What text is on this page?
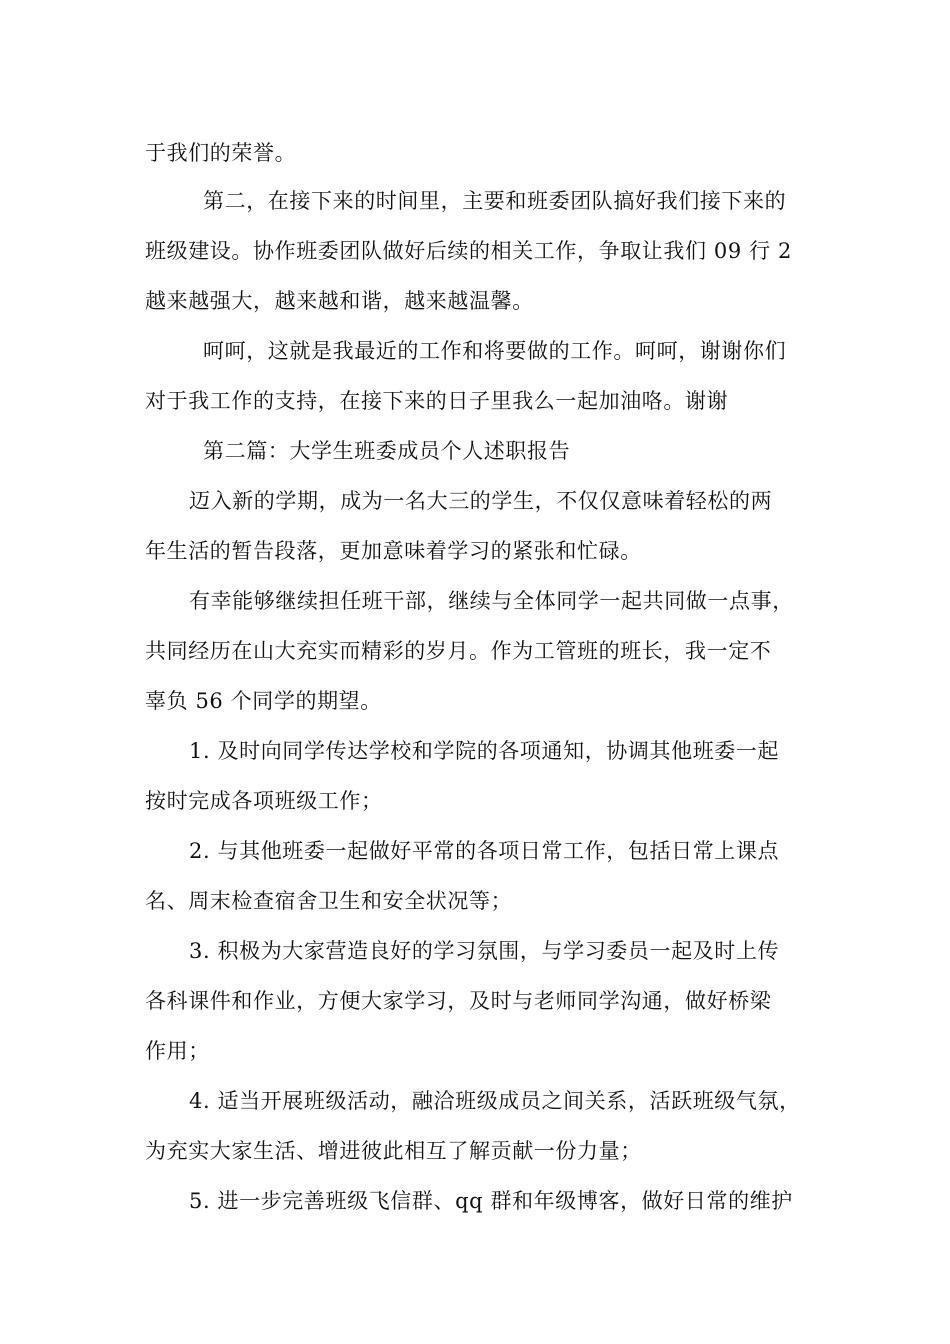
于我们的荣誉。
第二，在接下来的时间里，主要和班委团队搞好我们接下来的
班级建设。协作班委团队做好后续的相关工作，争取让我们 09 行 2
越来越强大，越来越和谐，越来越温馨。
呵呵，这就是我最近的工作和将要做的工作。呵呵，谢谢你们
对于我工作的支持，在接下来的日子里我么一起加油咯。谢谢
第二篇：大学生班委成员个人述职报告
迈入新的学期，成为一名大三的学生，不仅仅意味着轻松的两
年生活的暂告段落，更加意味着学习的紧张和忙碌。
有幸能够继续担任班干部，继续与全体同学一起共同做一点事，
共同经历在山大充实而精彩的岁月。作为工管班的班长，我一定不
辜负 56 个同学的期望。
1. 及时向同学传达学校和学院的各项通知，协调其他班委一起
按时完成各项班级工作；
2. 与其他班委一起做好平常的各项日常工作，包括日常上课点
名、周末检查宿舍卫生和安全状况等；
3. 积极为大家营造良好的学习氛围，与学习委员一起及时上传
各科课件和作业，方便大家学习，及时与老师同学沟通，做好桥梁
作用；
4. 适当开展班级活动，融洽班级成员之间关系，活跃班级气氛，
为充实大家生活、增进彼此相互了解贡献一份力量；
5. 进一步完善班级飞信群、qq 群和年级博客，做好日常的维护
